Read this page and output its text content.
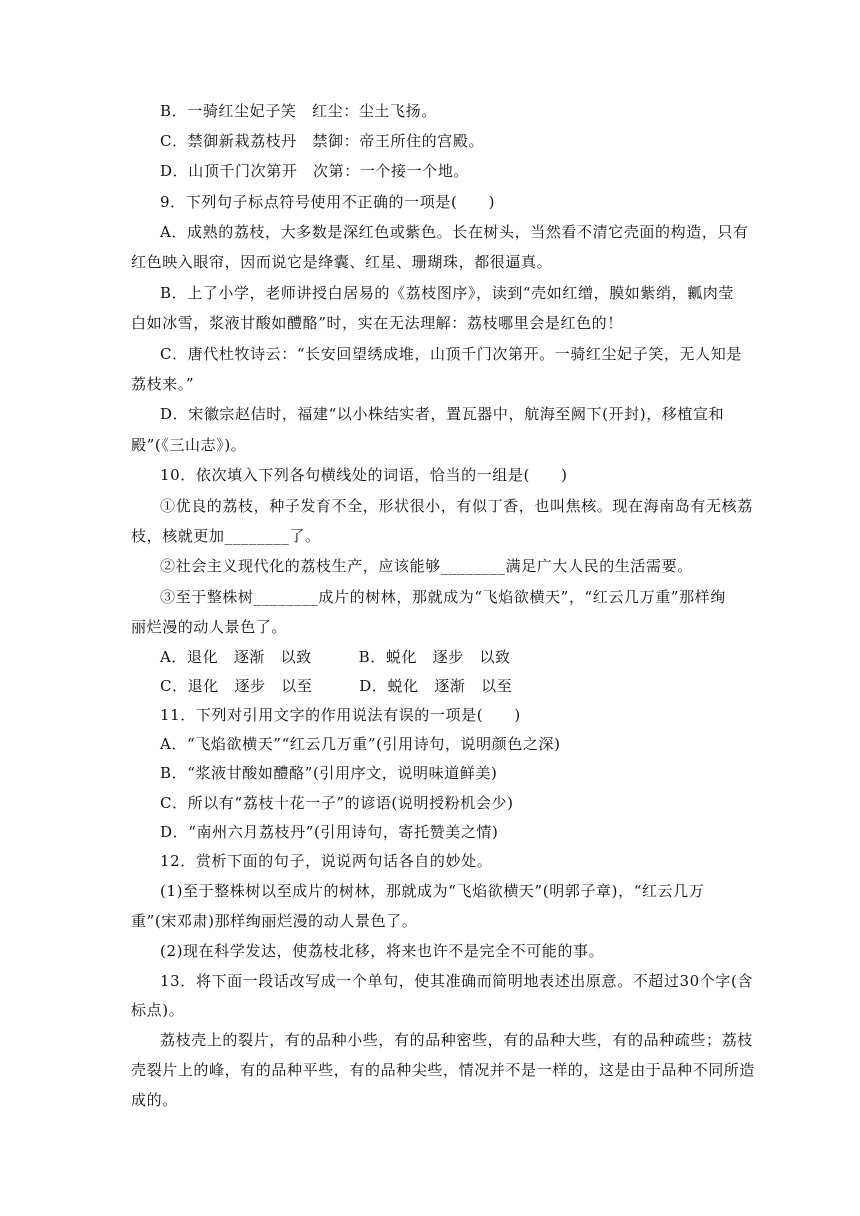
B．一骑红尘妃子笑　红尘：尘土飞扬。
C．禁御新栽荔枝丹　禁御：帝王所住的宫殿。
D．山顶千门次第开　次第：一个接一个地。
9．下列句子标点符号使用不正确的一项是(　　)
A．成熟的荔枝，大多数是深红色或紫色。长在树头，当然看不清它壳面的构造，只有
红色映入眼帘，因而说它是绛囊、红星、珊瑚珠，都很逼真。
B．上了小学，老师讲授白居易的《荔枝图序》，读到“壳如红缯，膜如紫绡，瓤肉莹
白如冰雪，浆液甘酸如醴酪”时，实在无法理解：荔枝哪里会是红色的！
C．唐代杜牧诗云：“长安回望绣成堆，山顶千门次第开。一骑红尘妃子笑，无人知是
荔枝来。”
D．宋徽宗赵佶时，福建“以小株结实者，置瓦器中，航海至阙下(开封)，移植宣和
殿”(《三山志》)。
10．依次填入下列各句横线处的词语，恰当的一组是(　　)
①优良的荔枝，种子发育不全，形状很小，有似丁香，也叫焦核。现在海南岛有无核荔
枝，核就更加________了。
②社会主义现代化的荔枝生产，应该能够________满足广大人民的生活需要。
③至于整株树________成片的树林，那就成为“飞焰欲横天”，“红云几万重”那样绚
丽烂漫的动人景色了。
A．退化　逐渐　以致　　　B．蜕化　逐步　以致
C．退化　逐步　以至　　　D．蜕化　逐渐　以至
11．下列对引用文字的作用说法有误的一项是(　　)
A．“飞焰欲横天”“红云几万重”(引用诗句，说明颜色之深)
B．“浆液甘酸如醴酪”(引用序文，说明味道鲜美)
C．所以有“荔枝十花一子”的谚语(说明授粉机会少)
D．“南州六月荔枝丹”(引用诗句，寄托赞美之情)
12．赏析下面的句子，说说两句话各自的妙处。
(1)至于整株树以至成片的树林，那就成为“飞焰欲横天”(明郭子章)，“红云几万
重”(宋邓肃)那样绚丽烂漫的动人景色了。
(2)现在科学发达，使荔枝北移，将来也许不是完全不可能的事。
13．将下面一段话改写成一个单句，使其准确而简明地表述出原意。不超过30个字(含
标点)。
荔枝壳上的裂片，有的品种小些，有的品种密些，有的品种大些，有的品种疏些；荔枝
壳裂片上的峰，有的品种平些，有的品种尖些，情况并不是一样的，这是由于品种不同所造
成的。
